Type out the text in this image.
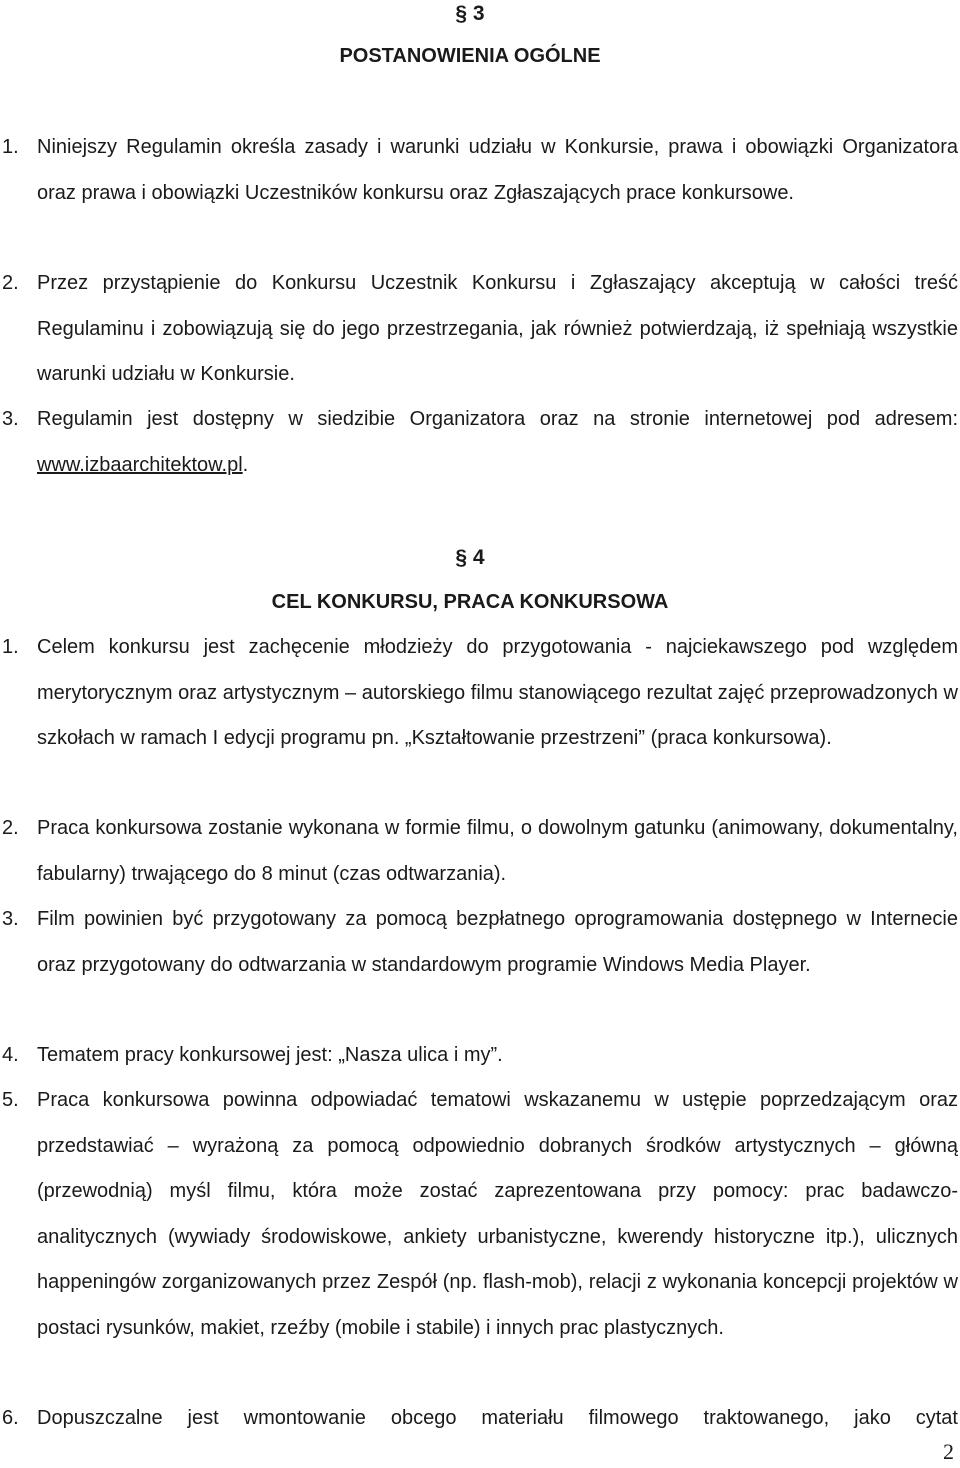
§ 3
POSTANOWIENIA OGÓLNE
1. Niniejszy Regulamin określa zasady i warunki udziału w Konkursie, prawa i obowiązki Organizatora oraz prawa i obowiązki Uczestników konkursu oraz Zgłaszających prace konkursowe.
2. Przez przystąpienie do Konkursu Uczestnik Konkursu i Zgłaszający akceptują w całości treść Regulaminu i zobowiązują się do jego przestrzegania, jak również potwierdzają, iż spełniają wszystkie warunki udziału w Konkursie.
3. Regulamin jest dostępny w siedzibie Organizatora oraz na stronie internetowej pod adresem: www.izbaarchitektow.pl.
§ 4
CEL KONKURSU, PRACA KONKURSOWA
1. Celem konkursu jest zachęcenie młodzieży do przygotowania - najciekawszego pod względem merytorycznym oraz artystycznym – autorskiego filmu stanowiącego rezultat zajęć przeprowadzonych w szkołach w ramach I edycji programu pn. „Kształtowanie przestrzeni” (praca konkursowa).
2. Praca konkursowa zostanie wykonana w formie filmu, o dowolnym gatunku (animowany, dokumentalny, fabularny) trwającego do 8 minut (czas odtwarzania).
3. Film powinien być przygotowany za pomocą bezpłatnego oprogramowania dostępnego w Internecie oraz przygotowany do odtwarzania w standardowym programie Windows Media Player.
4. Tematem pracy konkursowej jest: „Nasza ulica i my”.
5. Praca konkursowa powinna odpowiadać tematowi wskazanemu w ustępie poprzedzającym oraz przedstawiać – wyrażoną za pomocą odpowiednio dobranych środków artystycznych – główną (przewodnią) myśl filmu, która może zostać zaprezentowana przy pomocy: prac badawczo-analitycznych (wywiady środowiskowe, ankiety urbanistyczne, kwerendy historyczne itp.), ulicznych happeningów zorganizowanych przez Zespół (np. flash-mob), relacji z wykonania koncepcji projektów w postaci rysunków, makiet, rzeźby (mobile i stabile) i innych prac plastycznych.
6. Dopuszczalne jest wmontowanie obcego materiału filmowego traktowanego, jako cytat
2
